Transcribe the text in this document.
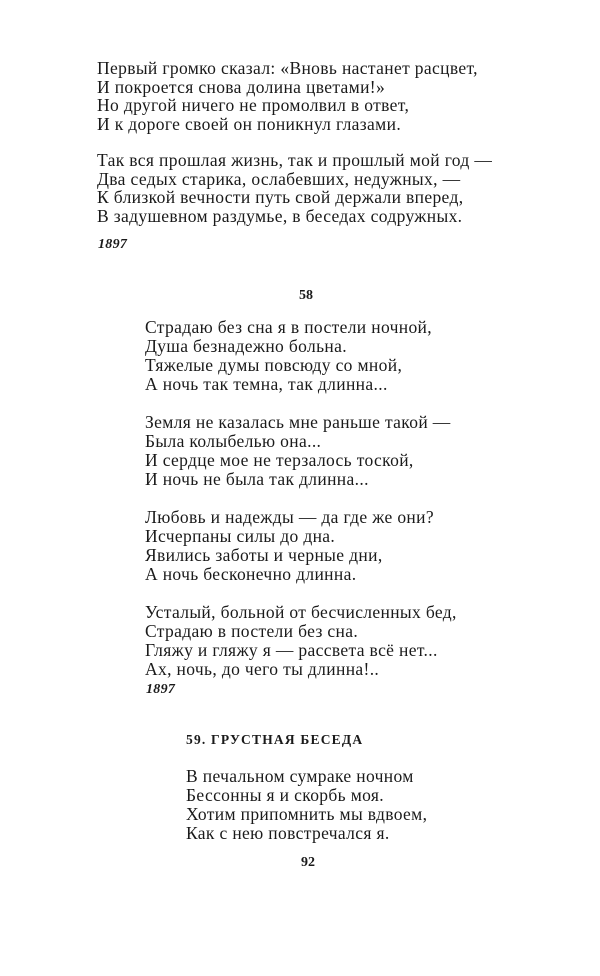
Первый громко сказал: «Вновь настанет расцвет,
И покроется снова долина цветами!»
Но другой ничего не промолвил в ответ,
И к дороге своей он поникнул глазами.
Так вся прошлая жизнь, так и прошлый мой год —
Два седых старика, ослабевших, недужных, —
К близкой вечности путь свой держали вперед,
В задушевном раздумье, в беседах содружных.
1897
58
Страдаю без сна я в постели ночной,
Душа безнадежно больна.
Тяжелые думы повсюду со мной,
А ночь так темна, так длинна...
Земля не казалась мне раньше такой —
Была колыбелью она...
И сердце мое не терзалось тоской,
И ночь не была так длинна...
Любовь и надежды — да где же они?
Исчерпаны силы до дна.
Явились заботы и черные дни,
А ночь бесконечно длинна.
Усталый, больной от бесчисленных бед,
Страдаю в постели без сна.
Гляжу и гляжу я — рассвета всё нет...
Ах, ночь, до чего ты длинна!..
1897
59. ГРУСТНАЯ БЕСЕДА
В печальном сумраке ночном
Бессонны я и скорбь моя.
Хотим припомнить мы вдвоем,
Как с нею повстречался я.
92
